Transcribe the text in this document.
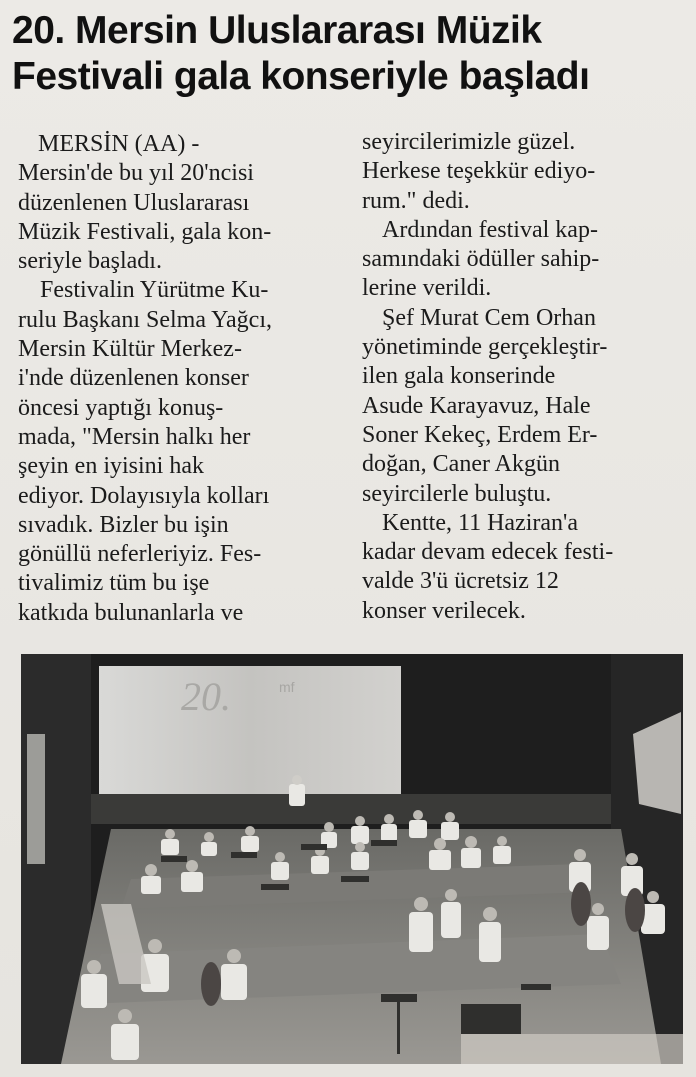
20. Mersin Uluslararası Müzik
Festivali gala konseriyle başladı

MERSİN (AA) -

Mersin'de bu yıl 20'ncisi

düzenlenen Uluslararası

Müzik Festivali, gala kon-

seriyle başladı.

Festivalin Yürütme Ku-

rulu Başkanı Selma Yağcı,

Mersin Kültür Merkez-

i'nde düzenlenen konser

öncesi yaptığı konuş-

mada, "Mersin halkı her

şeyin en iyisini hak

ediyor. Dolayısıyla kolları

sıvadık. Bizler bu işin

gönüllü neferleriyiz. Fes-

tivalimiz tüm bu işe

katkıda bulunanlarla ve

seyircilerimizle güzel.

Herkese teşekkür ediyo-

rum." dedi.

Ardından festival kap-

samındaki ödüller sahip-

lerine verildi.

Şef Murat Cem Orhan

yönetiminde gerçekleştir-

ilen gala konserinde

Asude Karayavuz, Hale

Soner Kekeç, Erdem Er-

doğan, Caner Akgün

seyircilerle buluştu.

Kentte, 11 Haziran'a

kadar devam edecek festi-

valde 3'ü ücretsiz 12

konser verilecek.

20.	mf
